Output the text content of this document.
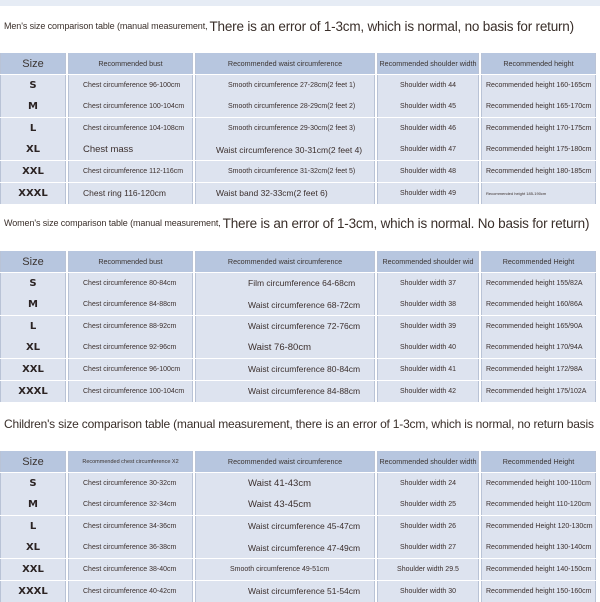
Men's size comparison table (manual measurement, There is an error of 1-3cm, which is normal, no basis for return)
Size	Recommended bust	Recommended waist circumference	Recommended shoulder width	Recommended height
S	Chest circumference 96-100cm	Smooth circumference 27-28cm(2 feet 1)	Shoulder width 44	Recommended height 160-165cm
M	Chest circumference 100-104cm	Smooth circumference 28-29cm(2 feet 2)	Shoulder width 45	Recommended height 165-170cm
L	Chest circumference 104-108cm	Smooth circumference 29-30cm(2 feet 3)	Shoulder width 46	Recommended height 170-175cm
XL	Chest mass	Waist circumference 30-31cm(2 feet 4)	Shoulder width 47	Recommended height 175-180cm
XXL	Chest circumference 112-116cm	Smooth circumference 31-32cm(2 feet 5)	Shoulder width 48	Recommended height 180-185cm
XXXL	Chest ring 116-120cm	Waist band 32-33cm(2 feet 6)	Shoulder width 49	Recommended height 185-190cm
Women's size comparison table (manual measurement, There is an error of 1-3cm, which is normal. No basis for return)
Size	Recommended bust	Recommended waist circumference	Recommended shoulder wid	Recommended Height
S	Chest circumference 80-84cm	Film circumference 64-68cm	Shoulder width 37	Recommended height 155/82A
M	Chest circumference 84-88cm	Waist circumference 68-72cm	Shoulder width 38	Recommended height 160/86A
L	Chest circumference 88-92cm	Waist circumference 72-76cm	Shoulder width 39	Recommended height 165/90A
XL	Chest circumference 92-96cm	Waist 76-80cm	Shoulder width 40	Recommended height 170/94A
XXL	Chest circumference 96-100cm	Waist circumference 80-84cm	Shoulder width 41	Recommended height 172/98A
XXXL	Chest circumference 100-104cm	Waist circumference 84-88cm	Shoulder width 42	Recommended height 175/102A
Children's size comparison table (manual measurement, there is an error of 1-3cm, which is normal, no return basis
Size	Recommended chest circumference X2	Recommended waist circumference	Recommended shoulder width	Recommended Height
S	Chest circumference 30-32cm	Waist 41-43cm	Shoulder width 24	Recommended height 100-110cm
M	Chest circumference 32-34cm	Waist 43-45cm	Shoulder width 25	Recommended height 110-120cm
L	Chest circumference 34-36cm	Waist circumference 45-47cm	Shoulder width 26	Recommended Height 120-130cm
XL	Chest circumference 36-38cm	Waist circumference 47-49cm	Shoulder width 27	Recommended height 130-140cm
XXL	Chest circumference 38-40cm	Smooth circumference 49-51cm	Shoulder width 29.5	Recommended height 140-150cm
XXXL	Chest circumference 40-42cm	Waist circumference 51-54cm	Shoulder width 30	Recommended height 150-160cm
